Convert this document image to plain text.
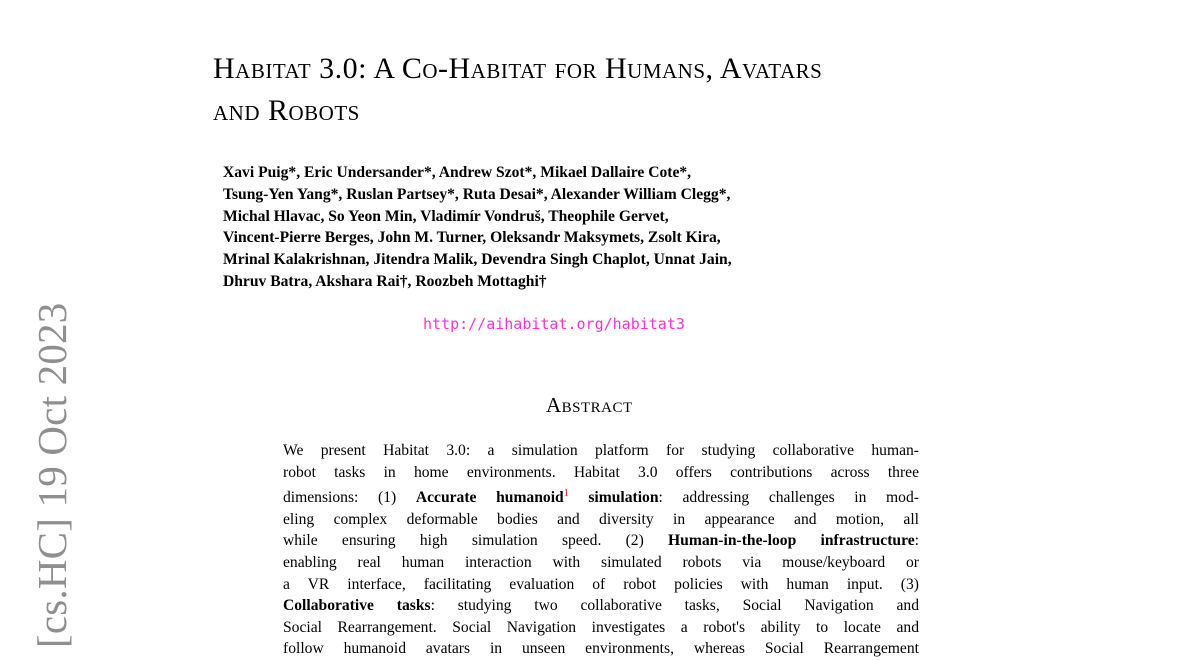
[cs.HC] 19 Oct 2023
Habitat 3.0: A Co-Habitat for Humans, Avatars
and Robots
Xavi Puig*, Eric Undersander*, Andrew Szot*, Mikael Dallaire Cote*,
Tsung-Yen Yang*, Ruslan Partsey*, Ruta Desai*, Alexander William Clegg*,
Michal Hlavac, So Yeon Min, Vladimír Vondruš, Theophile Gervet,
Vincent-Pierre Berges, John M. Turner, Oleksandr Maksymets, Zsolt Kira,
Mrinal Kalakrishnan, Jitendra Malik, Devendra Singh Chaplot, Unnat Jain,
Dhruv Batra, Akshara Rai†, Roozbeh Mottaghi†
http://aihabitat.org/habitat3
Abstract
We present Habitat 3.0: a simulation platform for studying collaborative human-
robot tasks in home environments. Habitat 3.0 offers contributions across three
dimensions: (1) Accurate humanoid$^1$ simulation: addressing challenges in mod-
eling complex deformable bodies and diversity in appearance and motion, all
while ensuring high simulation speed. (2) Human-in-the-loop infrastructure:
enabling real human interaction with simulated robots via mouse/keyboard or
a VR interface, facilitating evaluation of robot policies with human input. (3)
Collaborative tasks: studying two collaborative tasks, Social Navigation and
Social Rearrangement. Social Navigation investigates a robot's ability to locate and
follow humanoid avatars in unseen environments, whereas Social Rearrangement
